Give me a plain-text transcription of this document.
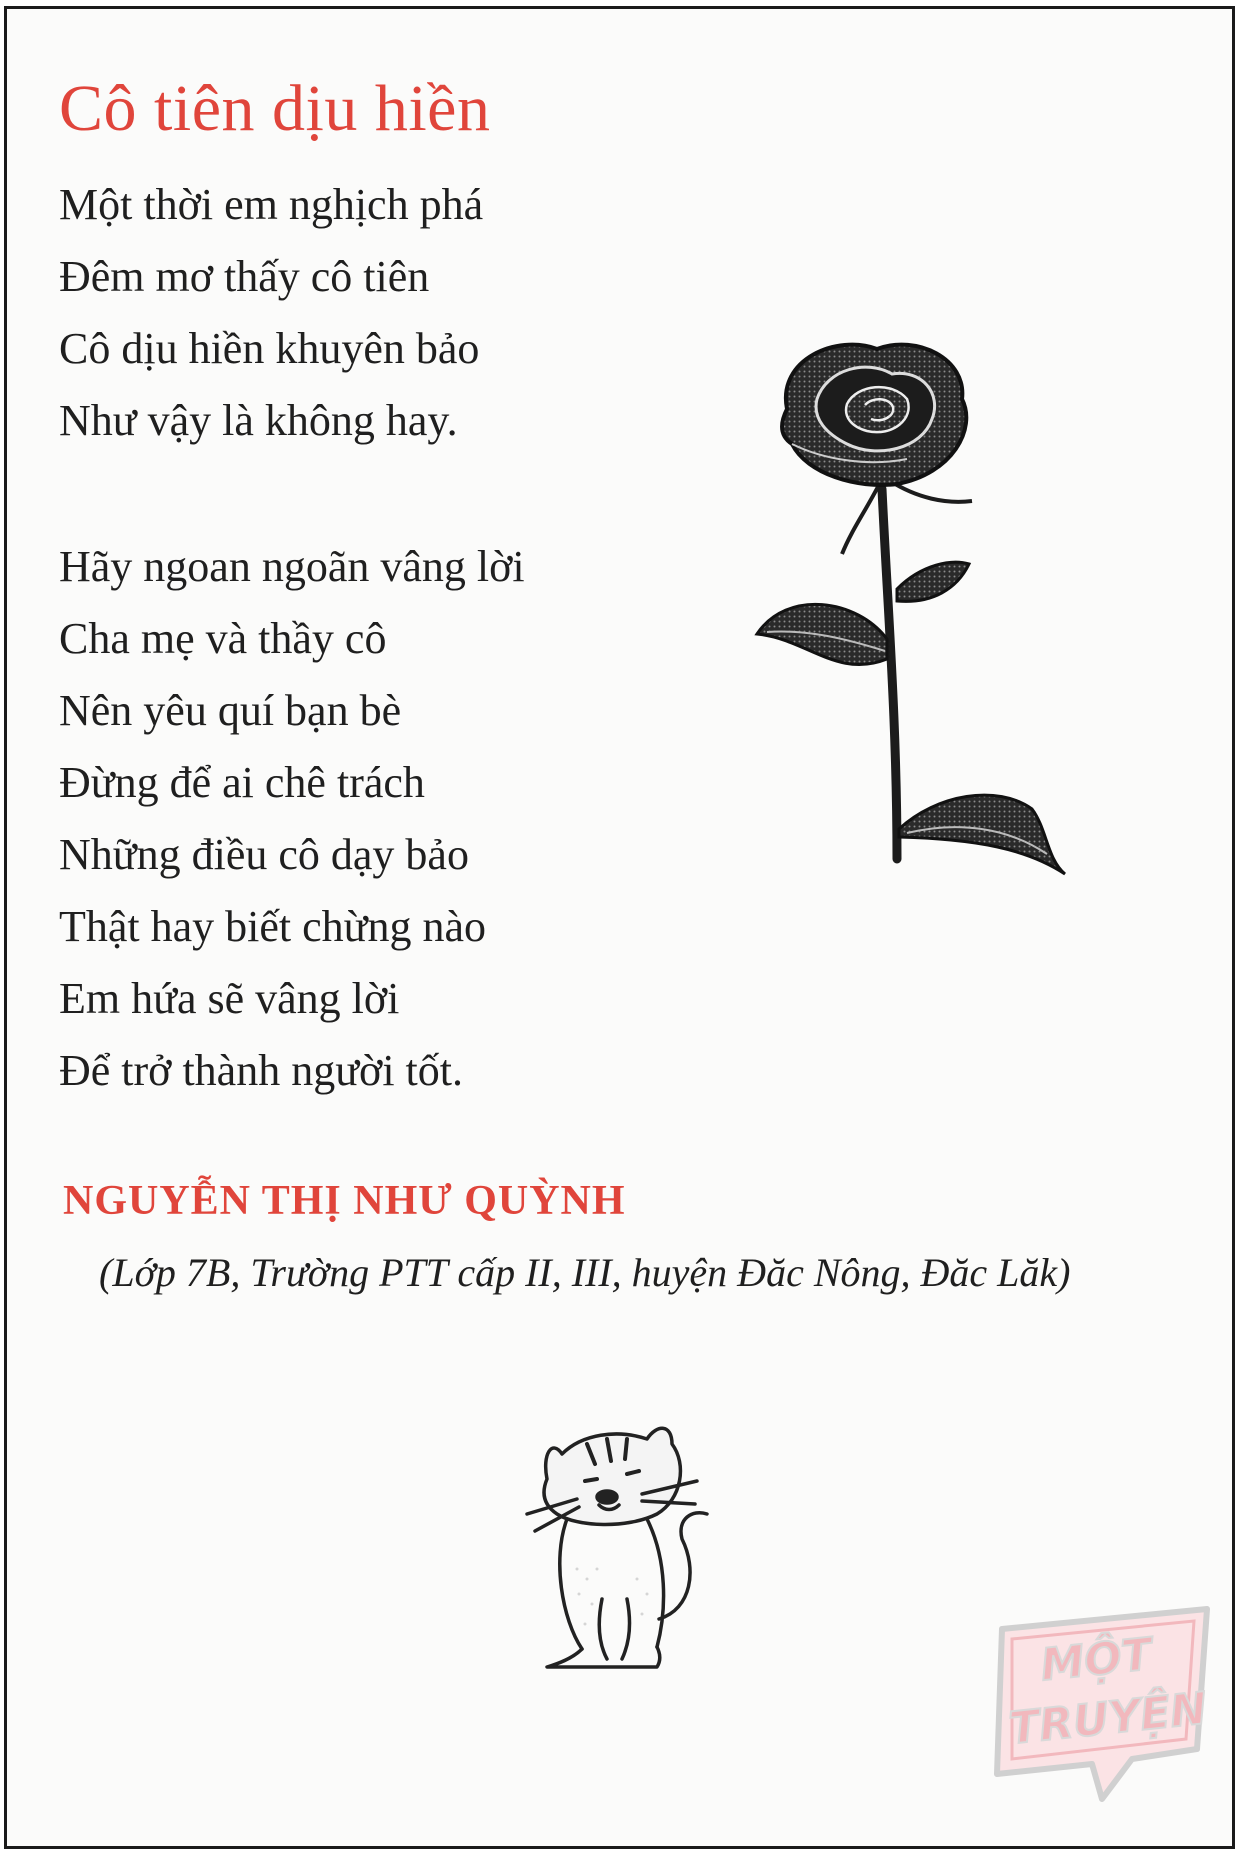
Cô tiên dịu hiền
Một thời em nghịch phá
Đêm mơ thấy cô tiên
Cô dịu hiền khuyên bảo
Như vậy là không hay.
Hãy ngoan ngoãn vâng lời
Cha mẹ và thầy cô
Nên yêu quí bạn bè
Đừng để ai chê trách
Những điều cô dạy bảo
Thật hay biết chừng nào
Em hứa sẽ vâng lời
Để trở thành người tốt.
NGUYỄN THỊ NHƯ QUỲNH
(Lớp 7B, Trường PTT cấp II, III, huyện Đăc Nông, Đăc Lăk)
MỘT
TRUYỆN
